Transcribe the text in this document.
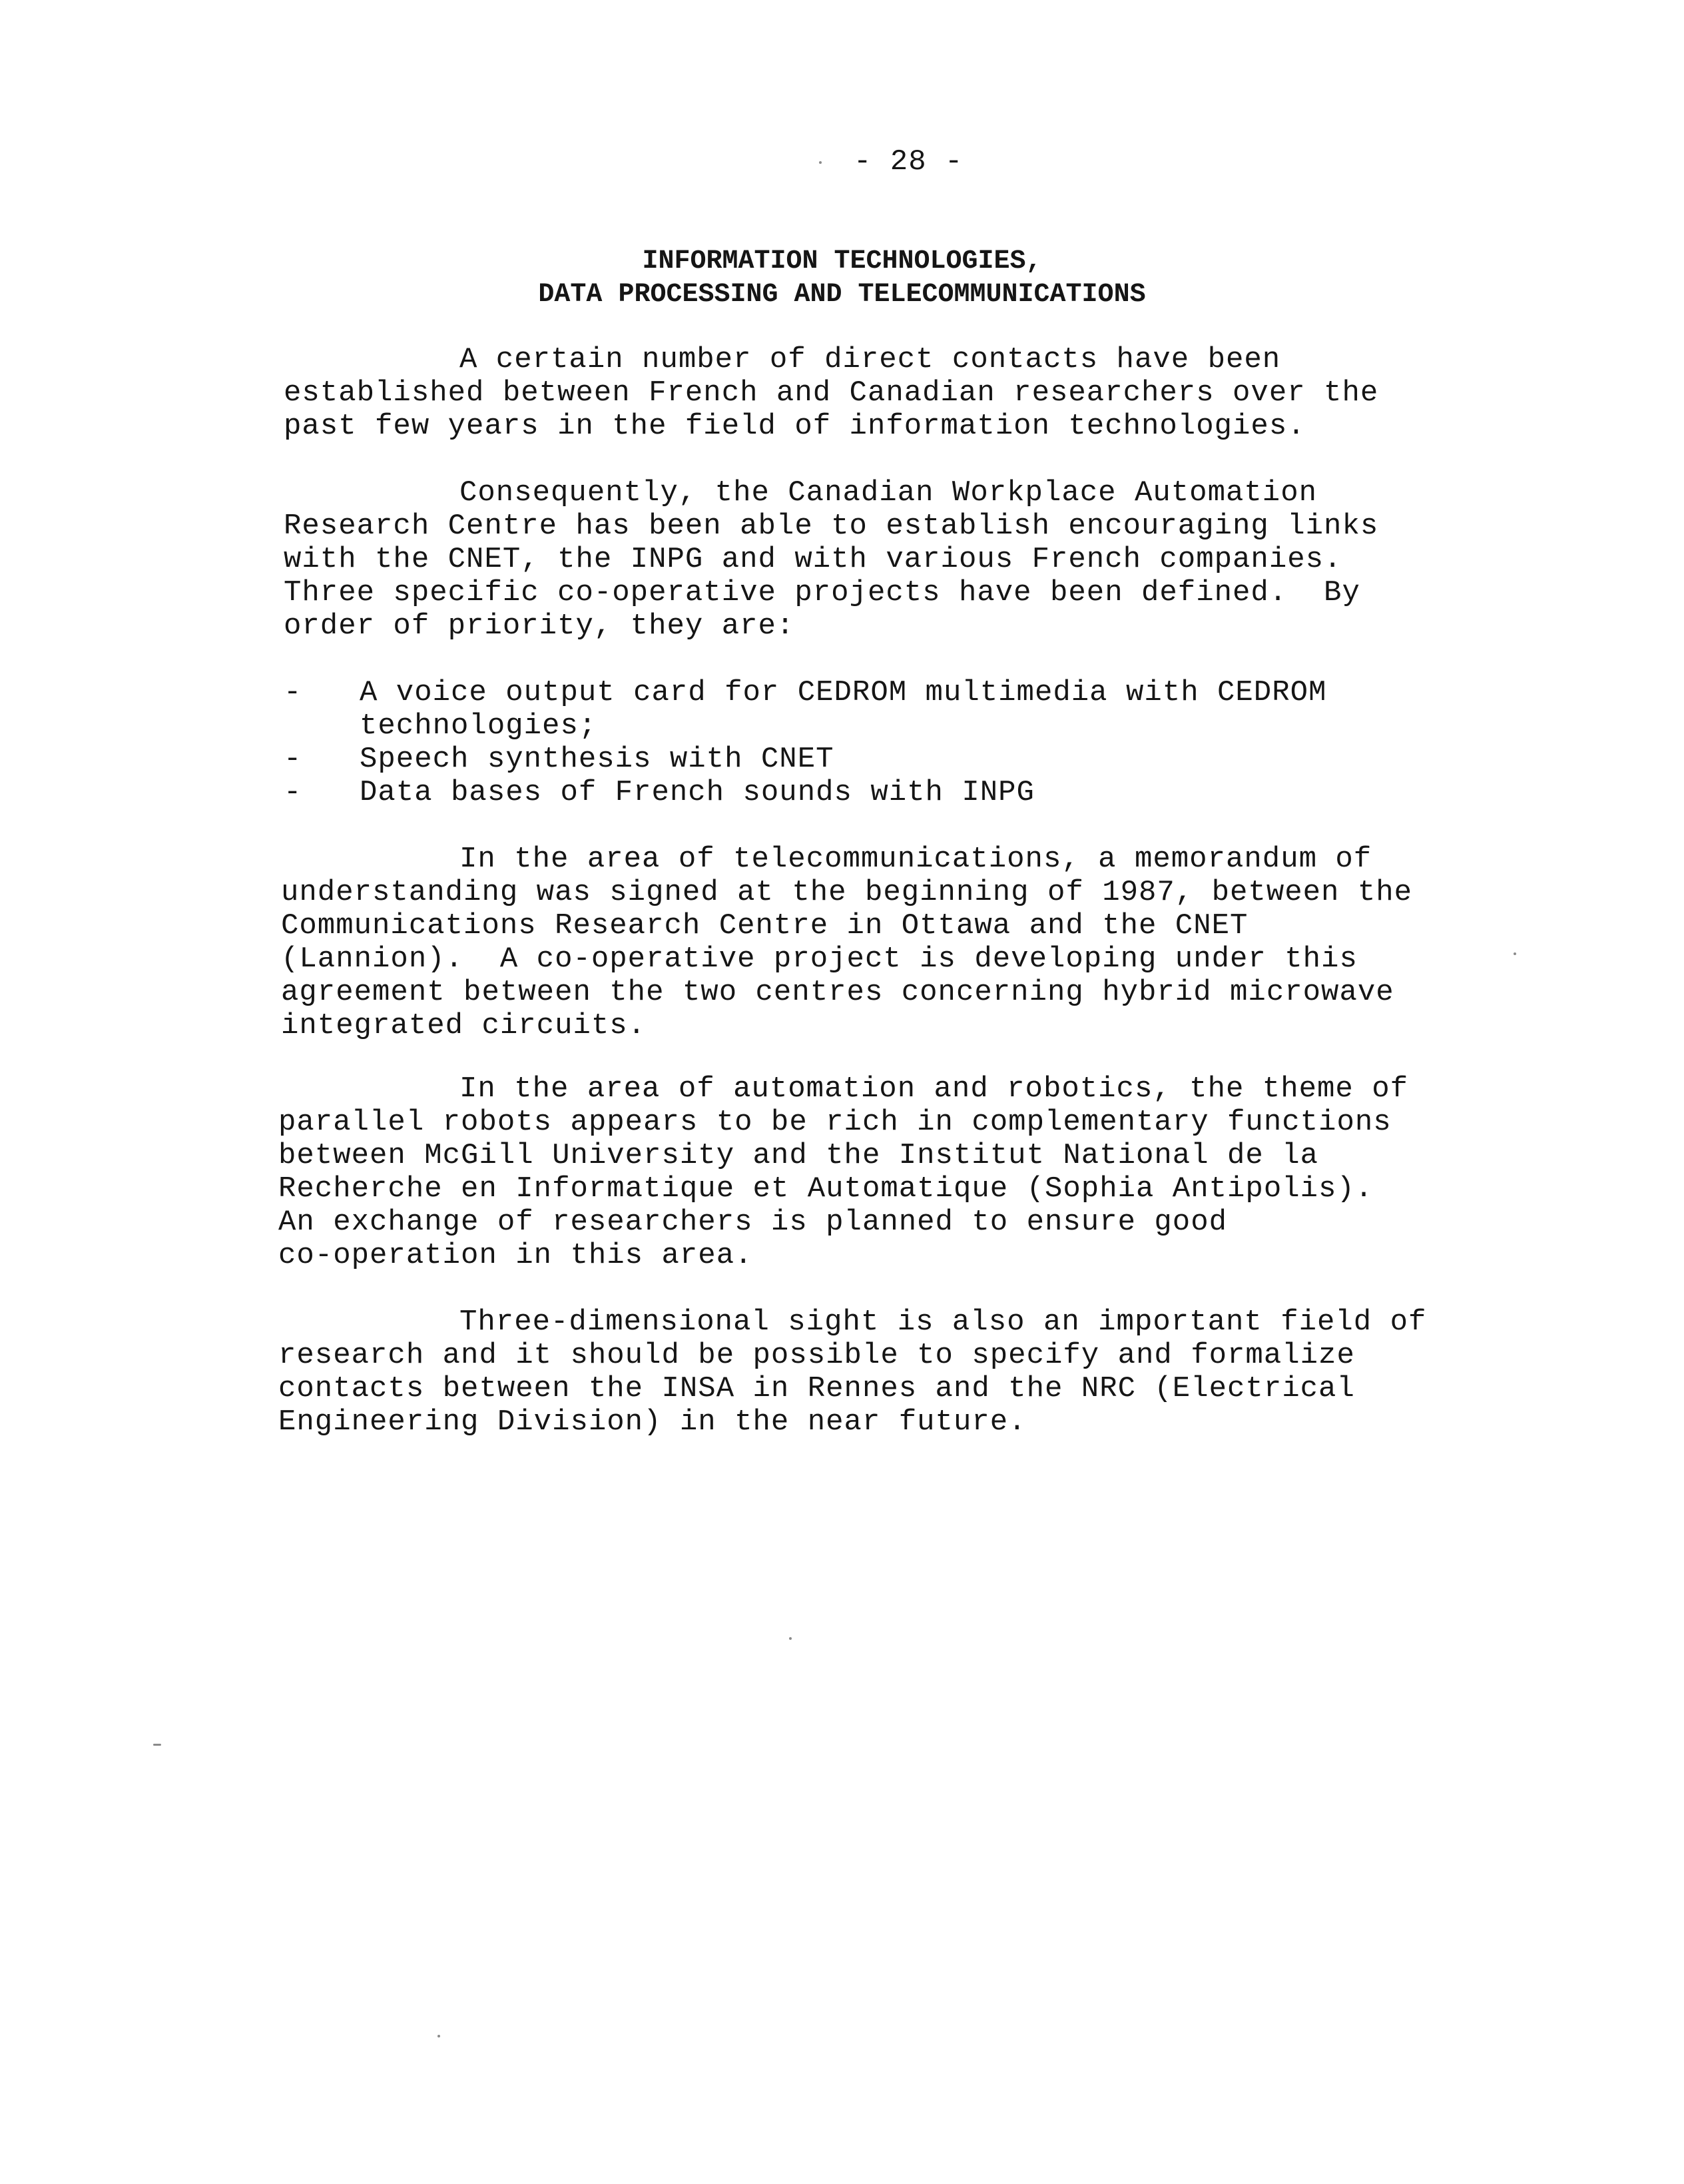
- 28 -
INFORMATION TECHNOLOGIES,
DATA PROCESSING AND TELECOMMUNICATIONS
A certain number of direct contacts have been
established between French and Canadian researchers over the
past few years in the field of information technologies.
Consequently, the Canadian Workplace Automation
Research Centre has been able to establish encouraging links
with the CNET, the INPG and with various French companies.
Three specific co-operative projects have been defined.  By
order of priority, they are:
- A voice output card for CEDROM multimedia with CEDROM
technologies;
- Speech synthesis with CNET
- Data bases of French sounds with INPG
In the area of telecommunications, a memorandum of
understanding was signed at the beginning of 1987, between the
Communications Research Centre in Ottawa and the CNET
(Lannion).  A co-operative project is developing under this
agreement between the two centres concerning hybrid microwave
integrated circuits.
In the area of automation and robotics, the theme of
parallel robots appears to be rich in complementary functions
between McGill University and the Institut National de la
Recherche en Informatique et Automatique (Sophia Antipolis).
An exchange of researchers is planned to ensure good
co-operation in this area.
Three-dimensional sight is also an important field of
research and it should be possible to specify and formalize
contacts between the INSA in Rennes and the NRC (Electrical
Engineering Division) in the near future.
